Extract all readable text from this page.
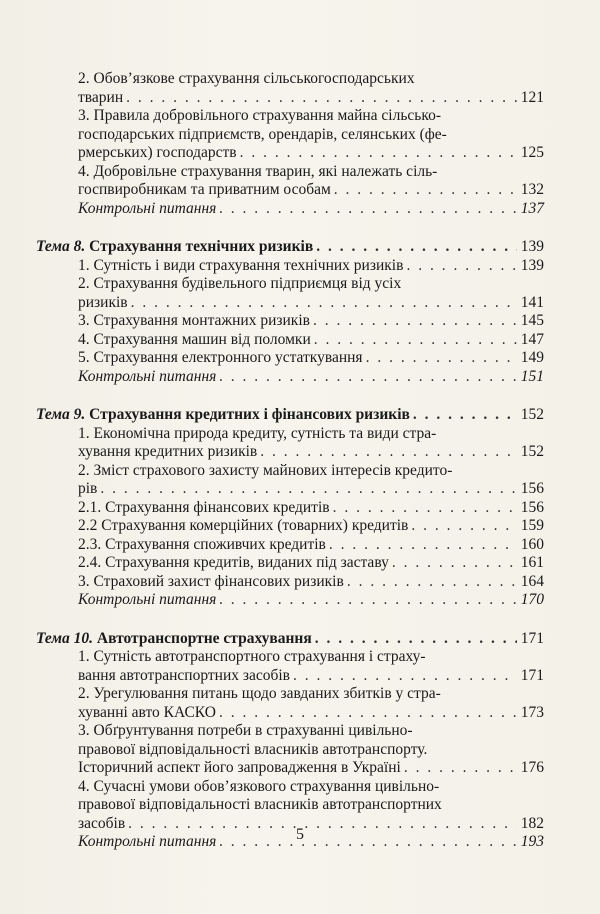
2. Обов’язкове страхування сільськогосподарських
тварин . . .	121
3. Правила добровільного страхування майна сільсько-
господарських підприємств, орендарів, селянських (фе-
рмерських) господарств . . .	125
4. Добровільне страхування тварин, які належать сіль-
госпвиробникам та приватним особам . . .	132
Контрольні питання . . .	137
Тема 8. Страхування технічних ризиків . . .	139
1. Сутність і види страхування технічних ризиків . . .	139
2. Страхування будівельного підприємця від усіх
ризиків . . .	141
3. Страхування монтажних ризиків . . .	145
4. Страхування машин від поломки . . .	147
5. Страхування електронного устаткування . . .	149
Контрольні питання . . .	151
Тема 9. Страхування кредитних і фінансових ризиків . . .	152
1. Економічна природа кредиту, сутність та види стра-
хування кредитних ризиків . . .	152
2. Зміст страхового захисту майнових інтересів кредито-
рів . . .	156
2.1. Страхування фінансових кредитів . . .	156
2.2 Страхування комерційних (товарних) кредитів . . .	159
2.3. Страхування споживчих кредитів . . .	160
2.4. Страхування кредитів, виданих під заставу . . .	161
3. Страховий захист фінансових ризиків . . .	164
Контрольні питання . . .	170
Тема 10. Автотранспортне страхування . . .	171
1. Сутність автотранспортного страхування і страху-
вання автотранспортних засобів . . .	171
2. Урегулювання питань щодо завданих збитків у стра-
хуванні авто КАСКО . . .	173
3. Обґрунтування потреби в страхуванні цивільно-
правової відповідальності власників автотранспорту.
Історичний аспект його запровадження в Україні . . .	176
4. Сучасні умови обов’язкового страхування цивільно-
правової відповідальності власників автотранспортних
засобів . . .	182
Контрольні питання . . .	193
5
